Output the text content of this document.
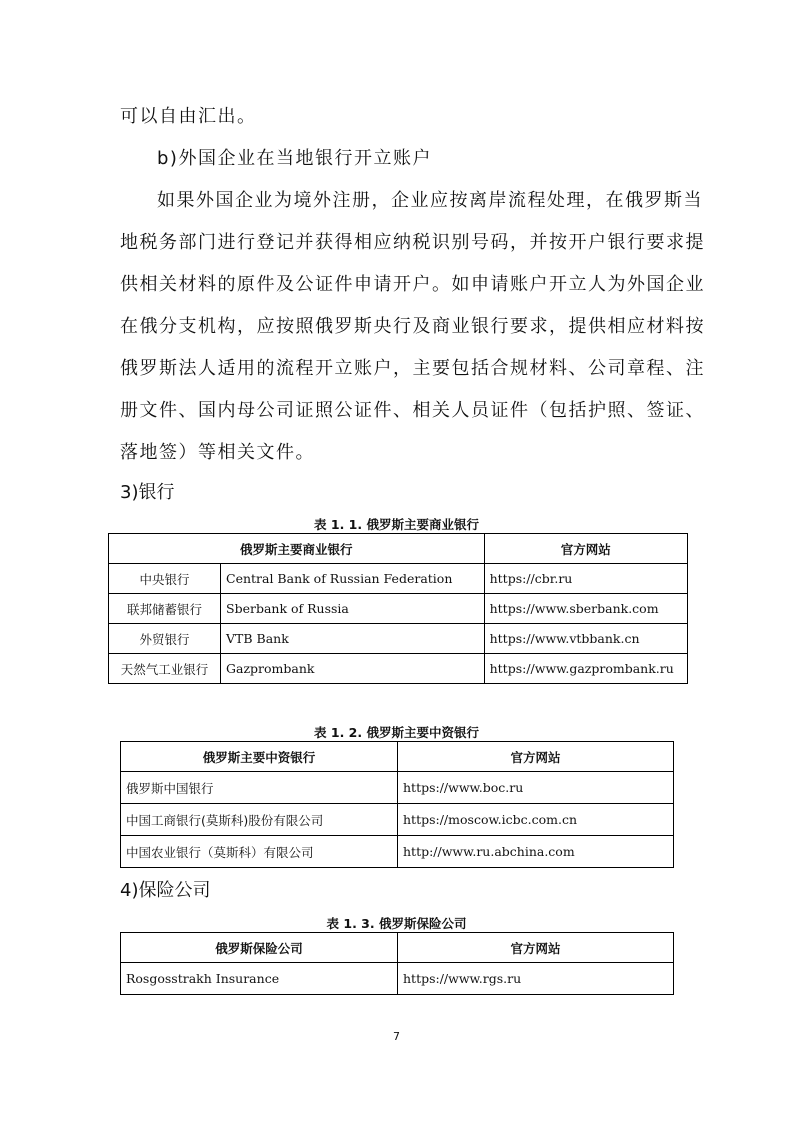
可以自由汇出。
b)外国企业在当地银行开立账户
如果外国企业为境外注册，企业应按离岸流程处理，在俄罗斯当
地税务部门进行登记并获得相应纳税识别号码，并按开户银行要求提
供相关材料的原件及公证件申请开户。如申请账户开立人为外国企业
在俄分支机构，应按照俄罗斯央行及商业银行要求，提供相应材料按
俄罗斯法人适用的流程开立账户，主要包括合规材料、公司章程、注
册文件、国内母公司证照公证件、相关人员证件（包括护照、签证、
落地签）等相关文件。
3)银行
表 1. 1. 俄罗斯主要商业银行
俄罗斯主要商业银行		官方网站
中央银行	Central Bank of Russian Federation	https://cbr.ru
联邦储蓄银行	Sberbank of Russia	https://www.sberbank.com
外贸银行	VTB Bank	https://www.vtbbank.cn
天然气工业银行	Gazprombank	https://www.gazprombank.ru
表 1. 2. 俄罗斯主要中资银行
俄罗斯主要中资银行	官方网站
俄罗斯中国银行	https://www.boc.ru
中国工商银行(莫斯科)股份有限公司	https://moscow.icbc.com.cn
中国农业银行（莫斯科）有限公司	http://www.ru.abchina.com
4)保险公司
表 1. 3. 俄罗斯保险公司
俄罗斯保险公司	官方网站
Rosgosstrakh Insurance	https://www.rgs.ru
7
